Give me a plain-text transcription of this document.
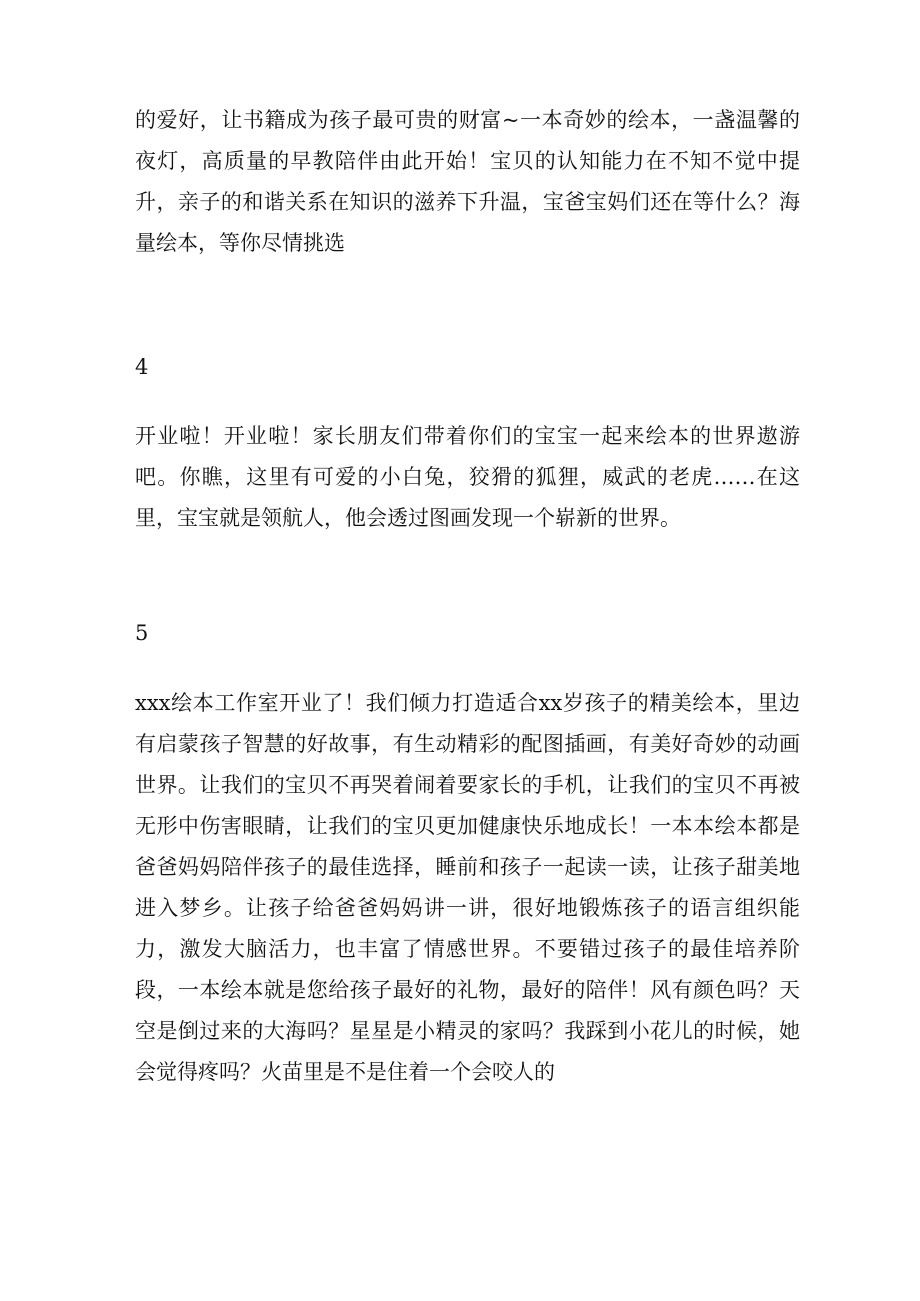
的爱好，让书籍成为孩子最可贵的财富~一本奇妙的绘本，一盏温馨的夜灯，高质量的早教陪伴由此开始！宝贝的认知能力在不知不觉中提升，亲子的和谐关系在知识的滋养下升温，宝爸宝妈们还在等什么？海量绘本，等你尽情挑选

4

开业啦！开业啦！家长朋友们带着你们的宝宝一起来绘本的世界遨游吧。你瞧，这里有可爱的小白兔，狡猾的狐狸，威武的老虎……在这里，宝宝就是领航人，他会透过图画发现一个崭新的世界。

5

xxx绘本工作室开业了！我们倾力打造适合xx岁孩子的精美绘本，里边有启蒙孩子智慧的好故事，有生动精彩的配图插画，有美好奇妙的动画世界。让我们的宝贝不再哭着闹着要家长的手机，让我们的宝贝不再被无形中伤害眼睛，让我们的宝贝更加健康快乐地成长！一本本绘本都是爸爸妈妈陪伴孩子的最佳选择，睡前和孩子一起读一读，让孩子甜美地进入梦乡。让孩子给爸爸妈妈讲一讲，很好地锻炼孩子的语言组织能力，激发大脑活力，也丰富了情感世界。不要错过孩子的最佳培养阶段，一本绘本就是您给孩子最好的礼物，最好的陪伴！风有颜色吗？天空是倒过来的大海吗？星星是小精灵的家吗？我踩到小花儿的时候，她会觉得疼吗？火苗里是不是住着一个会咬人的
